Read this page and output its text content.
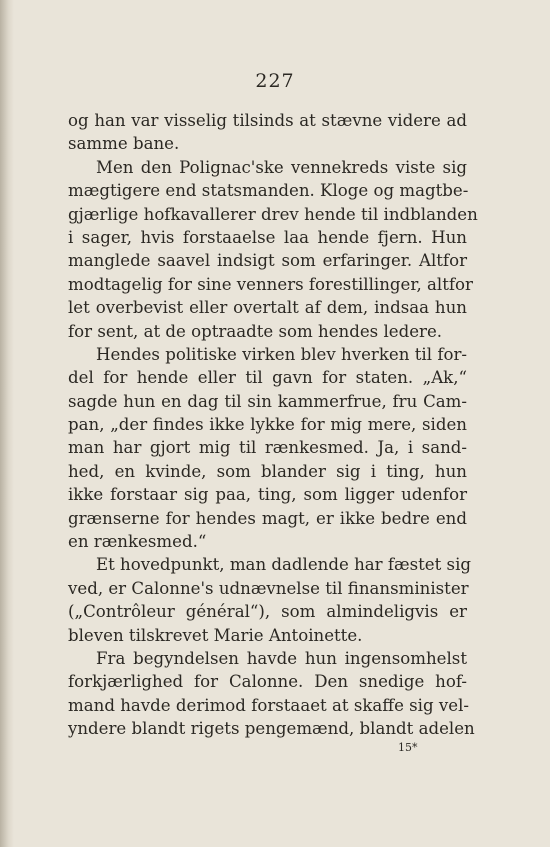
227
og han var visselig tilsinds at stævne videre ad
samme bane.
Men den Polignac'ske vennekreds viste sig
mægtigere end statsmanden. Kloge og magtbe-
gjærlige hofkavallerer drev hende til indblanden
i sager, hvis forstaaelse laa hende fjern. Hun
manglede saavel indsigt som erfaringer. Altfor
modtagelig for sine venners forestillinger, altfor
let overbevist eller overtalt af dem, indsaa hun
for sent, at de optraadte som hendes ledere.
Hendes politiske virken blev hverken til for-
del for hende eller til gavn for staten. „Ak,“
sagde hun en dag til sin kammerfrue, fru Cam-
pan, „der findes ikke lykke for mig mere, siden
man har gjort mig til rænkesmed. Ja, i sand-
hed, en kvinde, som blander sig i ting, hun
ikke forstaar sig paa, ting, som ligger udenfor
grænserne for hendes magt, er ikke bedre end
en rænkesmed.“
Et hovedpunkt, man dadlende har fæstet sig
ved, er Calonne's udnævnelse til finansminister
(„Contrôleur général“), som almindeligvis er
bleven tilskrevet Marie Antoinette.
Fra begyndelsen havde hun ingensomhelst
forkjærlighed for Calonne. Den snedige hof-
mand havde derimod forstaaet at skaffe sig vel-
yndere blandt rigets pengemænd, blandt adelen
15*
